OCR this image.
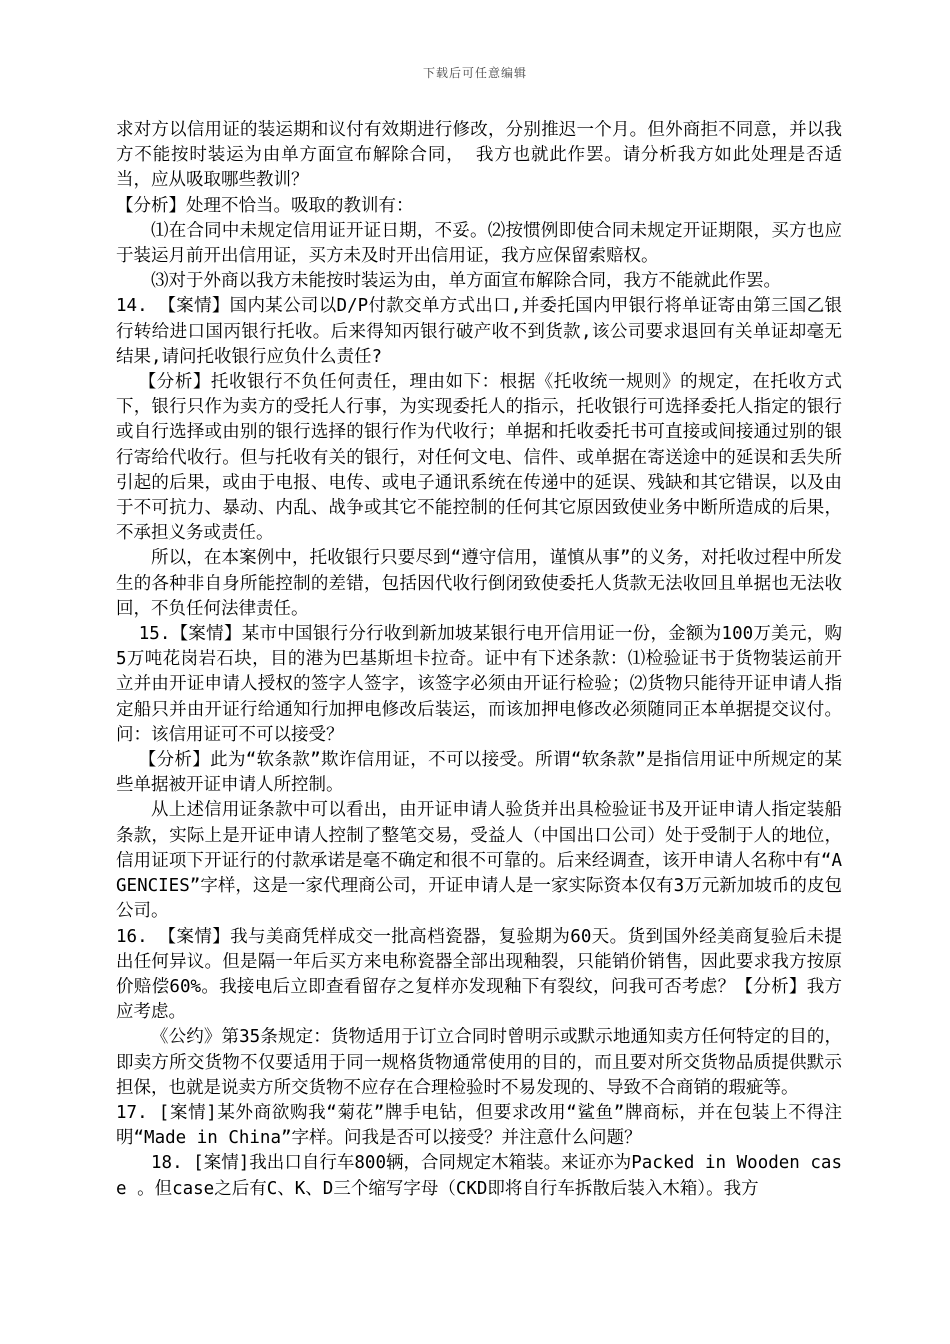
下载后可任意编辑

求对方以信用证的装运期和议付有效期进行修改，分别推迟一个月。但外商拒不同意，并以我方不能按时装运为由单方面宣布解除合同， 我方也就此作罢。请分析我方如此处理是否适当，应从吸取哪些教训？

【分析】处理不恰当。吸取的教训有：

⑴在合同中未规定信用证开证日期，不妥。⑵按惯例即使合同未规定开证期限，买方也应于装运月前开出信用证，买方未及时开出信用证，我方应保留索赔权。

⑶对于外商以我方未能按时装运为由，单方面宣布解除合同，我方不能就此作罢。

14. 【案情】国内某公司以D/P付款交单方式出口,并委托国内甲银行将单证寄由第三国乙银行转给进口国丙银行托收。后来得知丙银行破产收不到货款,该公司要求退回有关单证却毫无结果,请问托收银行应负什么责任?

【分析】托收银行不负任何责任，理由如下：根据《托收统一规则》的规定，在托收方式下，银行只作为卖方的受托人行事，为实现委托人的指示，托收银行可选择委托人指定的银行或自行选择或由别的银行选择的银行作为代收行；单据和托收委托书可直接或间接通过别的银行寄给代收行。但与托收有关的银行，对任何文电、信件、或单据在寄送途中的延误和丢失所引起的后果，或由于电报、电传、或电子通讯系统在传递中的延误、残缺和其它错误，以及由于不可抗力、暴动、内乱、战争或其它不能控制的任何其它原因致使业务中断所造成的后果，不承担义务或责任。

所以，在本案例中，托收银行只要尽到“遵守信用，谨慎从事”的义务，对托收过程中所发生的各种非自身所能控制的差错，包括因代收行倒闭致使委托人货款无法收回且单据也无法收回，不负任何法律责任。

15.【案情】某市中国银行分行收到新加坡某银行电开信用证一份，金额为100万美元，购5万吨花岗岩石块，目的港为巴基斯坦卡拉奇。证中有下述条款：⑴检验证书于货物装运前开立并由开证申请人授权的签字人签字，该签字必须由开证行检验；⑵货物只能待开证申请人指定船只并由开证行给通知行加押电修改后装运，而该加押电修改必须随同正本单据提交议付。问：该信用证可不可以接受？

【分析】此为“软条款”欺诈信用证，不可以接受。所谓“软条款”是指信用证中所规定的某些单据被开证申请人所控制。

从上述信用证条款中可以看出，由开证申请人验货并出具检验证书及开证申请人指定装船条款，实际上是开证申请人控制了整笔交易，受益人（中国出口公司）处于受制于人的地位，信用证项下开证行的付款承诺是毫不确定和很不可靠的。后来经调查，该开申请人名称中有“AGENCIES”字样，这是一家代理商公司，开证申请人是一家实际资本仅有3万元新加坡币的皮包公司。

16. 【案情】我与美商凭样成交一批高档瓷器，复验期为60天。货到国外经美商复验后未提出任何异议。但是隔一年后买方来电称瓷器全部出现釉裂，只能销价销售，因此要求我方按原价赔偿60%。我接电后立即查看留存之复样亦发现釉下有裂纹，问我可否考虑？【分析】我方应考虑。

《公约》第35条规定：货物适用于订立合同时曾明示或默示地通知卖方任何特定的目的，即卖方所交货物不仅要适用于同一规格货物通常使用的目的，而且要对所交货物品质提供默示担保，也就是说卖方所交货物不应存在合理检验时不易发现的、导致不合商销的瑕疵等。

17. [案情]某外商欲购我“菊花”牌手电钻，但要求改用“鲨鱼”牌商标，并在包装上不得注明“Made in China”字样。问我是否可以接受？并注意什么问题？

18. [案情]我出口自行车800辆，合同规定木箱装。来证亦为Packed in Wooden case 。但case之后有C、K、D三个缩写字母（CKD即将自行车拆散后装入木箱）。我方
